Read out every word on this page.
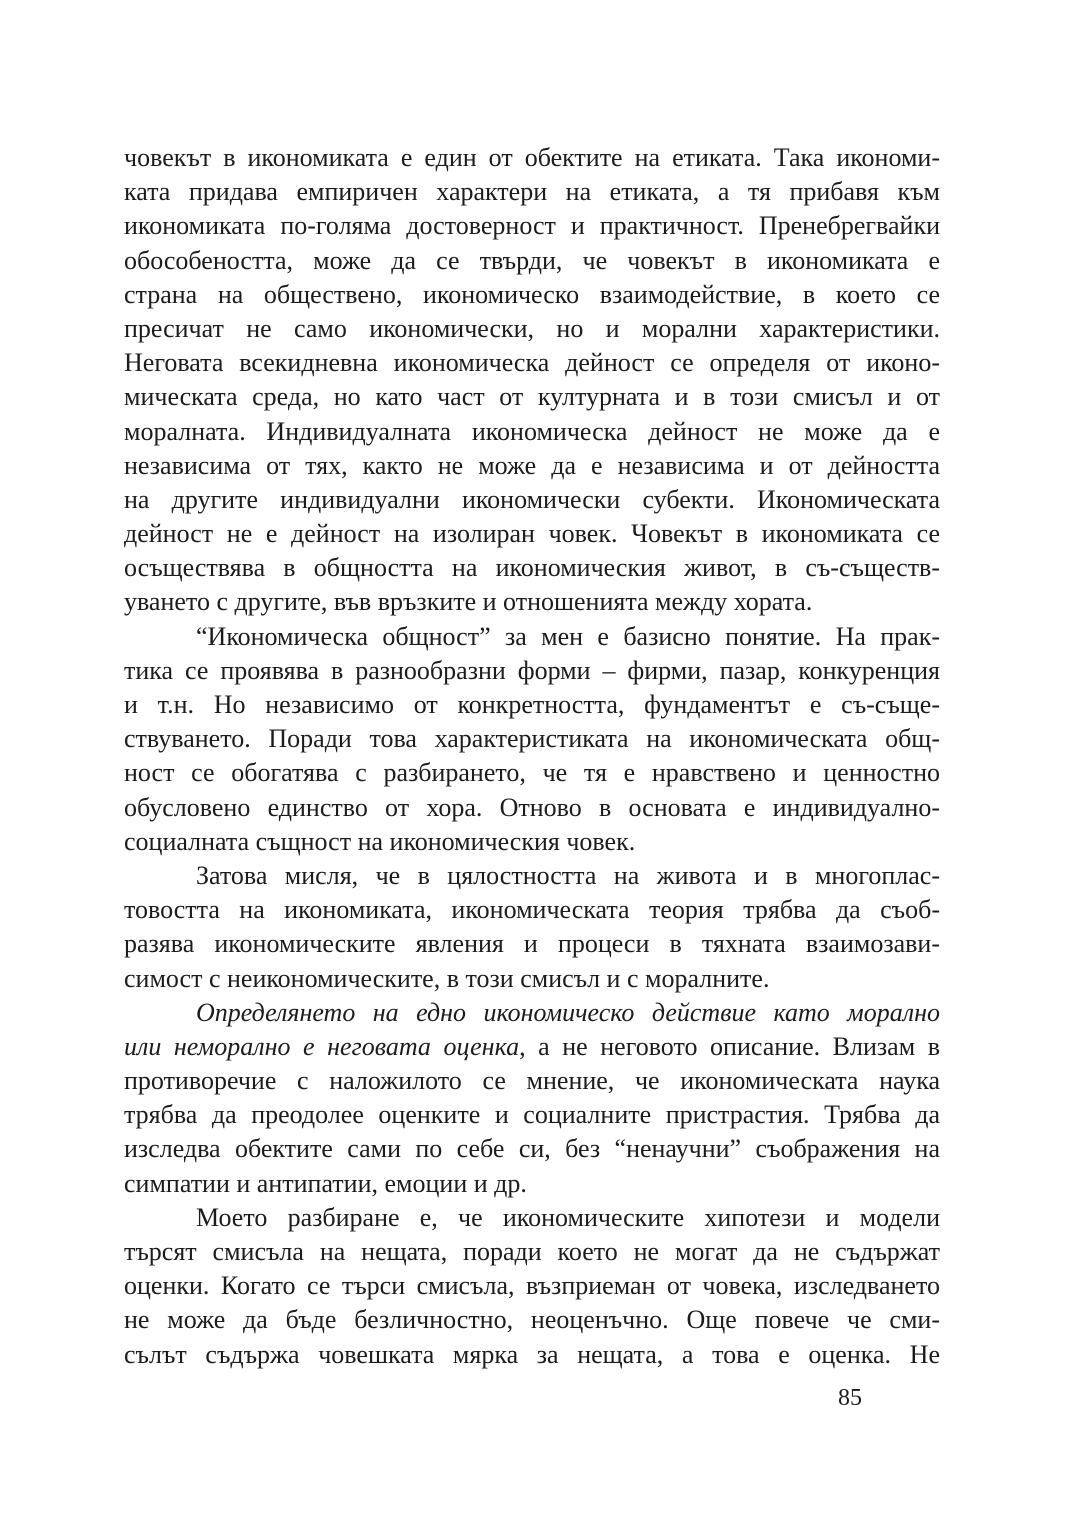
човекът в икономиката е един от обектите на етиката. Така икономи-
ката придава емпиричен характери на етиката, а тя прибавя към
икономиката по-голяма достоверност и практичност. Пренебрегвайки
обособеността, може да се твърди, че човекът в икономиката е
страна на обществено, икономическо взаимодействие, в което се
пресичат не само икономически, но и морални характеристики.
Неговата всекидневна икономическа дейност се определя от иконо-
мическата среда, но като част от културната и в този смисъл и от
моралната. Индивидуалната икономическа дейност не може да е
независима от тях, както не може да е независима и от дейността
на другите индивидуални икономически субекти. Икономическата
дейност не е дейност на изолиран човек. Човекът в икономиката се
осъществява в общността на икономическия живот, в съ-съществ-
уването с другите, във връзките и отношенията между хората.
“Икономическа общност” за мен е базисно понятие. На прак-
тика се проявява в разнообразни форми – фирми, пазар, конкуренция
и т.н. Но независимо от конкретността, фундаментът е съ-съще-
ствуването. Поради това характеристиката на икономическата общ-
ност се обогатява с разбирането, че тя е нравствено и ценностно
обусловено единство от хора. Отново в основата е индивидуално-
социалната същност на икономическия човек.
Затова мисля, че в цялостността на живота и в многоплас-
товостта на икономиката, икономическата теория трябва да съоб-
разява икономическите явления и процеси в тяхната взаимозави-
симост с неикономическите, в този смисъл и с моралните.
Определянето на едно икономическо действие като морално
или неморално е неговата оценка, а не неговото описание. Влизам в
противоречие с наложилото се мнение, че икономическата наука
трябва да преодолее оценките и социалните пристрастия. Трябва да
изследва обектите сами по себе си, без “ненаучни” съображения на
симпатии и антипатии, емоции и др.
Моето разбиране е, че икономическите хипотези и модели
търсят смисъла на нещата, поради което не могат да не съдържат
оценки. Когато се търси смисъла, възприеман от човека, изследването
не може да бъде безличностно, неоценъчно. Още повече че сми-
сълът съдържа човешката мярка за нещата, а това е оценка. Не
85
